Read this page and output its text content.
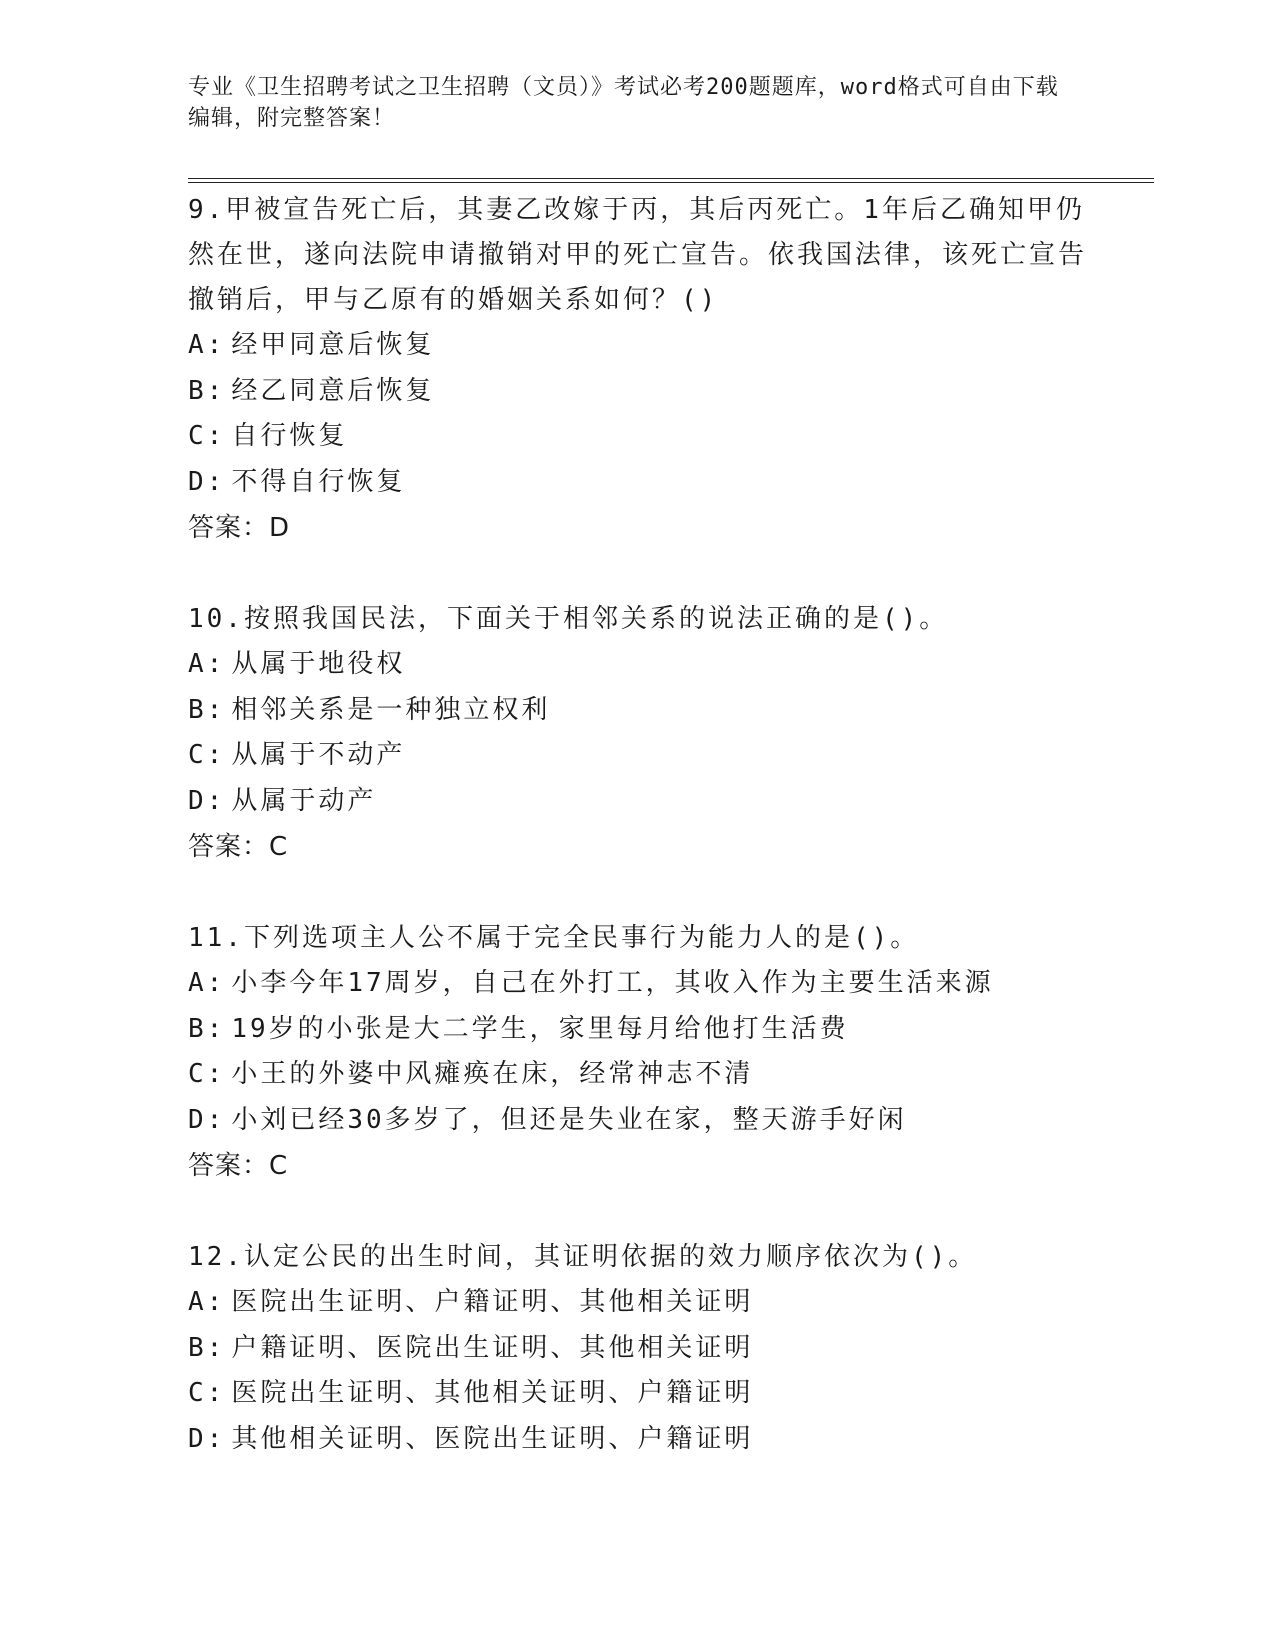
专业《卫生招聘考试之卫生招聘（文员）》考试必考200题题库，word格式可自由下载编辑，附完整答案！
9.甲被宣告死亡后，其妻乙改嫁于丙，其后丙死亡。1年后乙确知甲仍然在世，遂向法院申请撤销对甲的死亡宣告。依我国法律，该死亡宣告撤销后，甲与乙原有的婚姻关系如何？()
A: 经甲同意后恢复
B: 经乙同意后恢复
C: 自行恢复
D: 不得自行恢复
答案：D
10.按照我国民法，下面关于相邻关系的说法正确的是()。
A: 从属于地役权
B: 相邻关系是一种独立权利
C: 从属于不动产
D: 从属于动产
答案：C
11.下列选项主人公不属于完全民事行为能力人的是()。
A: 小李今年17周岁，自己在外打工，其收入作为主要生活来源
B: 19岁的小张是大二学生，家里每月给他打生活费
C: 小王的外婆中风瘫痪在床，经常神志不清
D: 小刘已经30多岁了，但还是失业在家，整天游手好闲
答案：C
12.认定公民的出生时间，其证明依据的效力顺序依次为()。
A: 医院出生证明、户籍证明、其他相关证明
B: 户籍证明、医院出生证明、其他相关证明
C: 医院出生证明、其他相关证明、户籍证明
D: 其他相关证明、医院出生证明、户籍证明
